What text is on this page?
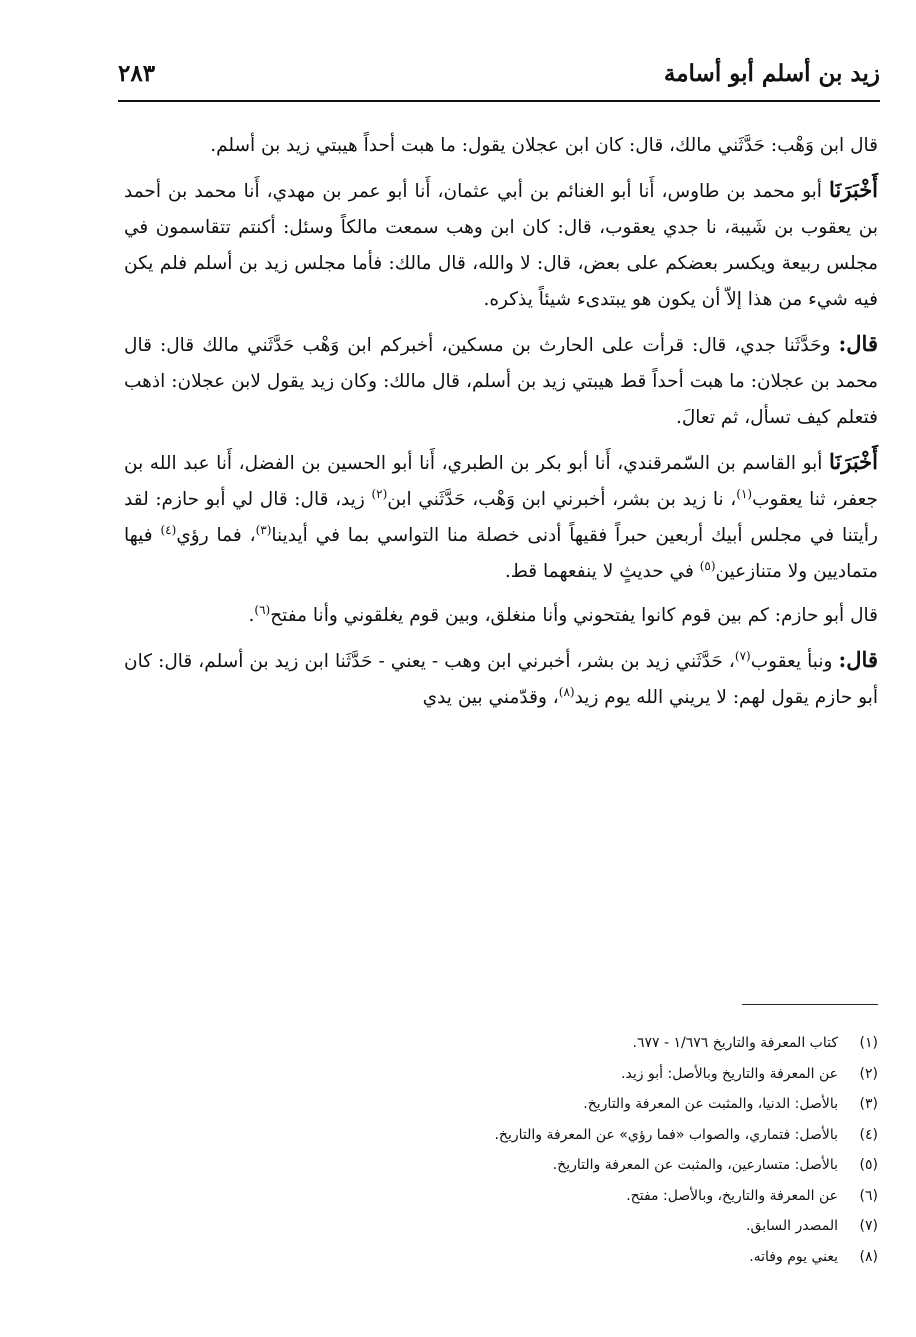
زيد بن أسلم أبو أسامة
٢٨٣

قال ابن وَهْب: حَدَّثَني مالك، قال: كان ابن عجلان يقول: ما هبت أحداً هيبتي زيد بن أسلم.

أَخْبَرَنَا أبو محمد بن طاوس، أَنا أبو الغنائم بن أبي عثمان، أَنا أبو عمر بن مهدي، أَنا محمد بن أحمد بن يعقوب بن شَيبة، نا جدي يعقوب، قال: كان ابن وهب سمعت مالكاً وسئل: أكنتم تتقاسمون في مجلس ربيعة ويكسر بعضكم على بعض، قال: لا والله، قال مالك: فأما مجلس زيد بن أسلم فلم يكن فيه شيء من هذا إلاّ أن يكون هو يبتدىء شيئاً يذكره.

قال: وحَدَّثَنا جدي، قال: قرأت على الحارث بن مسكين، أخبركم ابن وَهْب حَدَّثَني مالك قال: قال محمد بن عجلان: ما هبت أحداً قط هيبتي زيد بن أسلم، قال مالك: وكان زيد يقول لابن عجلان: اذهب فتعلم كيف تسأل، ثم تعالَ.

أَخْبَرَنَا أبو القاسم بن السّمرقندي، أَنا أبو بكر بن الطبري، أَنا أبو الحسين بن الفضل، أَنا عبد الله بن جعفر، ثنا يعقوب$^{(١)}$، نا زيد بن بشر، أخبرني ابن وَهْب، حَدَّثَني ابن$^{(٢)}$ زيد، قال: قال لي أبو حازم: لقد رأيتنا في مجلس أبيك أربعين حبراً فقيهاً أدنى خصلة منا التواسي بما في أيدينا$^{(٣)}$، فما رؤي$^{(٤)}$ فيها متماديين ولا متنازعين$^{(٥)}$ في حديثٍ لا ينفعهما قط.

قال أبو حازم: كم بين قوم كانوا يفتحوني وأنا منغلق، وبين قوم يغلقوني وأنا مفتح$^{(٦)}$.

قال: ونبأ يعقوب$^{(٧)}$، حَدَّثَني زيد بن بشر، أخبرني ابن وهب - يعني - حَدَّثَنا ابن زيد بن أسلم، قال: كان أبو حازم يقول لهم: لا يريني الله يوم زيد$^{(٨)}$، وقدّمني بين يدي

(١)كتاب المعرفة والتاريخ ١/٦٧٦ - ٦٧٧.
(٢)عن المعرفة والتاريخ وبالأصل: أبو زيد.
(٣)بالأصل: الدنيا، والمثبت عن المعرفة والتاريخ.
(٤)بالأصل: فتماري، والصواب «فما رؤي» عن المعرفة والتاريخ.
(٥)بالأصل: متسارعين، والمثبت عن المعرفة والتاريخ.
(٦)عن المعرفة والتاريخ، وبالأصل: مفتح.
(٧)المصدر السابق.
(٨)يعني يوم وفاته.
